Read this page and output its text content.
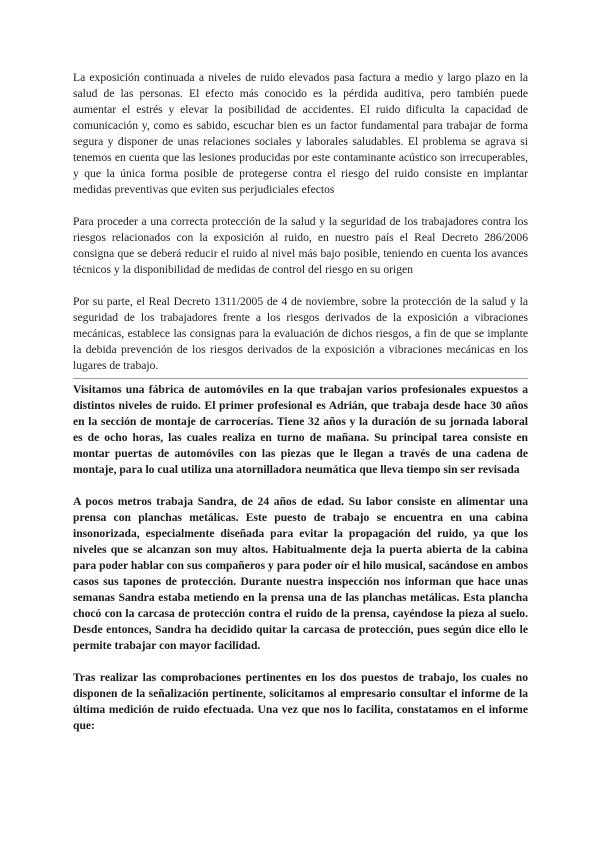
La exposición continuada a niveles de ruido elevados pasa factura a medio y largo plazo en la salud de las personas. El efecto más conocido es la pérdida auditiva, pero también puede aumentar el estrés y elevar la posibilidad de accidentes. El ruido dificulta la capacidad de comunicación y, como es sabido, escuchar bien es un factor fundamental para trabajar de forma segura y disponer de unas relaciones sociales y laborales saludables. El problema se agrava si tenemos en cuenta que las lesiones producidas por este contaminante acústico son irrecuperables, y que la única forma posible de protegerse contra el riesgo del ruido consiste en implantar medidas preventivas que eviten sus perjudiciales efectos

Para proceder a una correcta protección de la salud y la seguridad de los trabajadores contra los riesgos relacionados con la exposición al ruido, en nuestro país el Real Decreto 286/2006 consigna que se deberá reducir el ruido al nivel más bajo posible, teniendo en cuenta los avances técnicos y la disponibilidad de medidas de control del riesgo en su origen

Por su parte, el Real Decreto 1311/2005 de 4 de noviembre, sobre la protección de la salud y la seguridad de los trabajadores frente a los riesgos derivados de la exposición a vibraciones mecánicas, establece las consignas para la evaluación de dichos riesgos, a fin de que se implante la debida prevención de los riesgos derivados de la exposición a vibraciones mecánicas en los lugares de trabajo.

Visitamos una fábrica de automóviles en la que trabajan varios profesionales expuestos a distintos niveles de ruido. El primer profesional es Adrián, que trabaja desde hace 30 años en la sección de montaje de carrocerías. Tiene 32 años y la duración de su jornada laboral es de ocho horas, las cuales realiza en turno de mañana. Su principal tarea consiste en montar puertas de automóviles con las piezas que le llegan a través de una cadena de montaje, para lo cual utiliza una atornilladora neumática que lleva tiempo sin ser revisada

A pocos metros trabaja Sandra, de 24 años de edad. Su labor consiste en alimentar una prensa con planchas metálicas. Este puesto de trabajo se encuentra en una cabina insonorizada, especialmente diseñada para evitar la propagación del ruido, ya que los niveles que se alcanzan son muy altos. Habitualmente deja la puerta abierta de la cabina para poder hablar con sus compañeros y para poder oír el hilo musical, sacándose en ambos casos sus tapones de protección. Durante nuestra inspección nos informan que hace unas semanas Sandra estaba metiendo en la prensa una de las planchas metálicas. Esta plancha chocó con la carcasa de protección contra el ruido de la prensa, cayéndose la pieza al suelo. Desde entonces, Sandra ha decidido quitar la carcasa de protección, pues según dice ello le permite trabajar con mayor facilidad.

Tras realizar las comprobaciones pertinentes en los dos puestos de trabajo, los cuales no disponen de la señalización pertinente, solicitamos al empresario consultar el informe de la última medición de ruido efectuada. Una vez que nos lo facilita, constatamos en el informe que:
